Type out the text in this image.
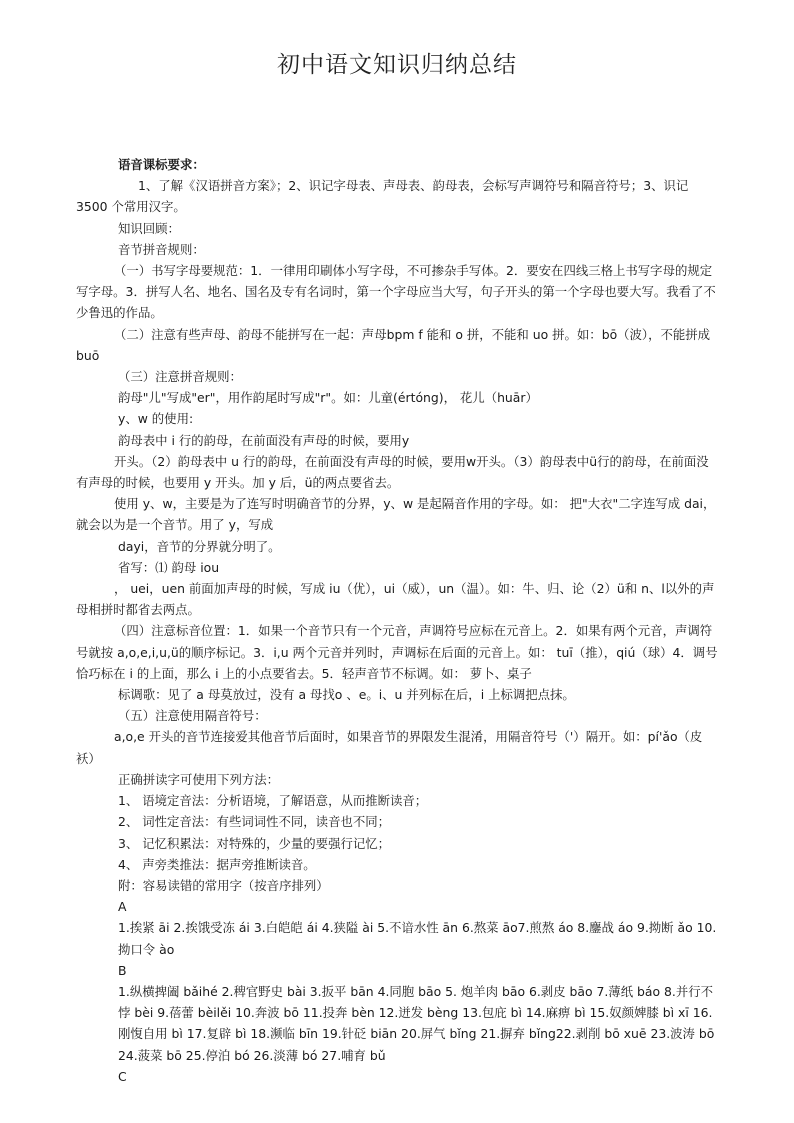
初中语文知识归纳总结

语音课标要求：

1、了解《汉语拼音方案》；2、识记字母表、声母表、韵母表，会标写声调符号和隔音符号；3、识记 3500 个常用汉字。

知识回顾：

音节拼音规则：

（一）书写字母要规范：1．一律用印刷体小写字母，不可掺杂手写体。2．要安在四线三格上书写字母的规定写字母。3．拼写人名、地名、国名及专有名词时，第一个字母应当大写，句子开头的第一个字母也要大写。我看了不少鲁迅的作品。

（二）注意有些声母、韵母不能拼写在一起：声母bpm f 能和 o 拼，不能和 uo 拼。如：bō（波），不能拼成 buō

（三）注意拼音规则：

韵母"儿"写成"er"，用作韵尾时写成"r"。如：儿童(értóng)， 花儿（huār）

y、w 的使用:

韵母表中 i 行的韵母，在前面没有声母的时候，要用y

开头。（2）韵母表中 u 行的韵母，在前面没有声母的时候，要用w开头。（3）韵母表中ü行的韵母，在前面没有声母的时候，也要用 y 开头。加 y 后，ü的两点要省去。

使用 y、w，主要是为了连写时明确音节的分界，y、w 是起隔音作用的字母。如： 把"大衣"二字连写成 dai，就会以为是一个音节。用了 y，写成

dayi，音节的分界就分明了。

省写：⑴ 韵母 iou

， uei，uen 前面加声母的时候，写成 iu（优），ui（威），un（温）。如：牛、归、论（2）ü和 n、l以外的声母相拼时都省去两点。

（四）注意标音位置：1．如果一个音节只有一个元音，声调符号应标在元音上。2．如果有两个元音，声调符号就按 a,o,e,i,u,ü的顺序标记。3．i,u 两个元音并列时，声调标在后面的元音上。如： tuī（推），qiú（球）4．调号恰巧标在 i 的上面，那么 i 上的小点要省去。5．轻声音节不标调。如： 萝卜、桌子

标调歌：见了 a 母莫放过，没有 a 母找o 、e。i、u 并列标在后，i 上标调把点抹。

（五）注意使用隔音符号：

a,o,e 开头的音节连接爱其他音节后面时，如果音节的界限发生混淆，用隔音符号（'）隔开。如：pí'ǎo（皮袄）

正确拼读字可使用下列方法：

1、 语境定音法：分析语境，了解语意，从而推断读音；

2、 词性定音法：有些词词性不同，读音也不同；

3、 记忆积累法：对特殊的，少量的要强行记忆；

4、 声旁类推法：据声旁推断读音。

附：容易读错的常用字（按音序排列）

A

1.挨紧 āi 2.挨饿受冻 ái 3.白皑皑 ái 4.狭隘 ài 5.不谙水性 ān 6.熬菜 āo7.煎熬 áo 8.鏖战 áo 9.拗断 ǎo 10.拗口令 ào

B

1.纵横捭阖 bǎihé 2.稗官野史 bài 3.扳平 bān 4.同胞 bāo 5. 炮羊肉 bāo 6.剥皮 bāo 7.薄纸 báo 8.并行不悖 bèi 9.蓓蕾 bèilěi 10.奔波 bō 11.投奔 bèn 12.迸发 bèng 13.包庇 bì 14.麻痹 bì 15.奴颜婢膝 bì xī 16.刚愎自用 bì 17.复辟 bì 18.濒临 bīn 19.针砭 biān 20.屏气 bǐng 21.摒弃 bǐng22.剥削 bō xuē 23.波涛 bō 24.菠菜 bō 25.停泊 bó 26.淡薄 bó 27.哺育 bǔ

C
